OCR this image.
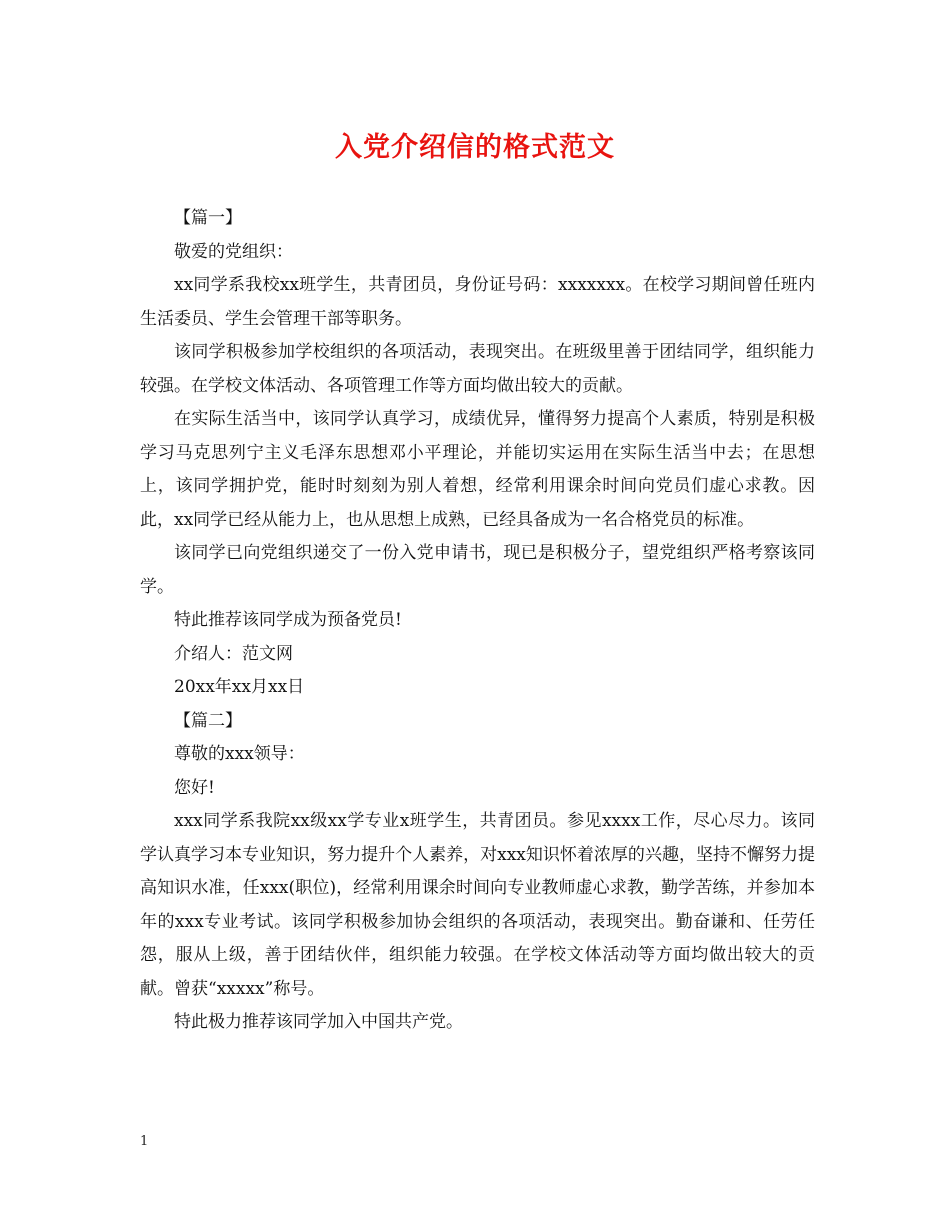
入党介绍信的格式范文

【篇一】

敬爱的党组织：

xx同学系我校xx班学生，共青团员，身份证号码：xxxxxxx。在校学习期间曾任班内生活委员、学生会管理干部等职务。

该同学积极参加学校组织的各项活动，表现突出。在班级里善于团结同学，组织能力较强。在学校文体活动、各项管理工作等方面均做出较大的贡献。

在实际生活当中，该同学认真学习，成绩优异，懂得努力提高个人素质，特别是积极学习马克思列宁主义毛泽东思想邓小平理论，并能切实运用在实际生活当中去；在思想上，该同学拥护党，能时时刻刻为别人着想，经常利用课余时间向党员们虚心求教。因此，xx同学已经从能力上，也从思想上成熟，已经具备成为一名合格党员的标准。

该同学已向党组织递交了一份入党申请书，现已是积极分子，望党组织严格考察该同学。

特此推荐该同学成为预备党员!

介绍人：范文网

20xx年xx月xx日

【篇二】

尊敬的xxx领导：

您好!

xxx同学系我院xx级xx学专业x班学生，共青团员。参见xxxx工作，尽心尽力。该同学认真学习本专业知识，努力提升个人素养，对xxx知识怀着浓厚的兴趣，坚持不懈努力提高知识水准，任xxx(职位)，经常利用课余时间向专业教师虚心求教，勤学苦练，并参加本年的xxx专业考试。该同学积极参加协会组织的各项活动，表现突出。勤奋谦和、任劳任怨，服从上级，善于团结伙伴，组织能力较强。在学校文体活动等方面均做出较大的贡献。曾获“xxxxx”称号。

特此极力推荐该同学加入中国共产党。

1
